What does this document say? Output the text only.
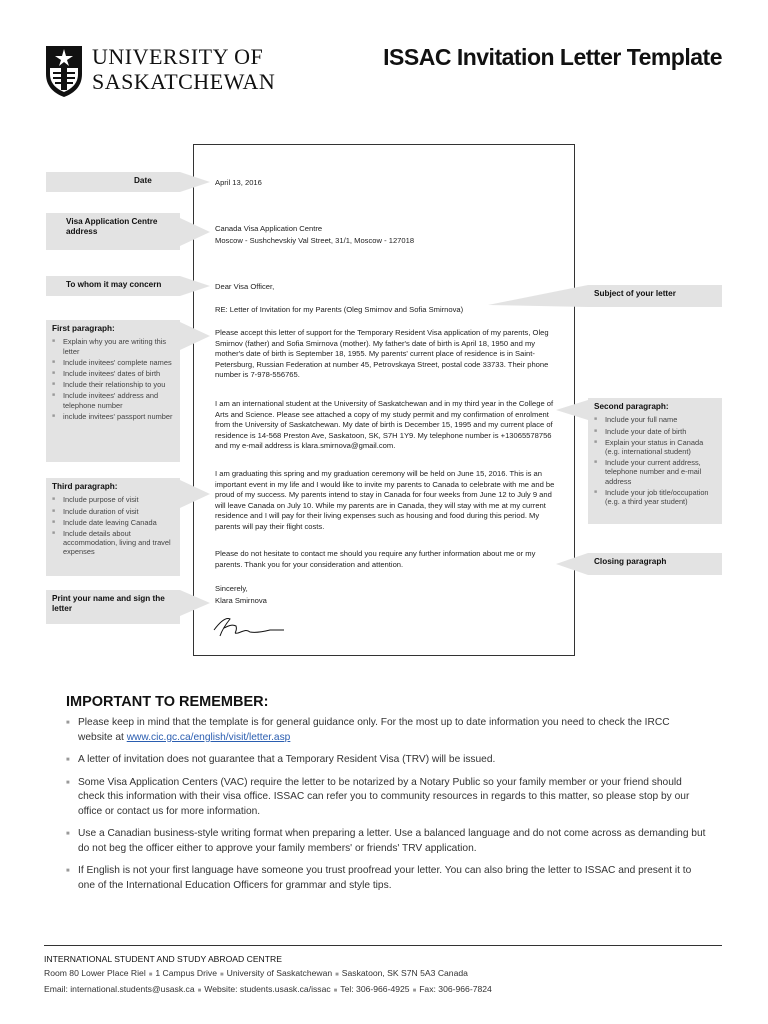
UNIVERSITY OF
SASKATCHEWAN
ISSAC Invitation Letter Template
April 13, 2016
Canada Visa Application Centre
Moscow - Sushchevskiy Val Street, 31/1, Moscow - 127018
Dear Visa Officer,
RE: Letter of Invitation for my Parents (Oleg Smirnov and Sofia Smirnova)
Please accept this letter of support for the Temporary Resident Visa application of my parents, Oleg Smirnov (father) and Sofia Smirnova (mother). My father's date of birth is April 18, 1950 and my mother's date of birth is September 18, 1955. My parents' current place of residence is in Saint-Petersburg, Russian Federation at number 45, Petrovskaya Street, postal code 33733. Their phone number is 7-978-556765.
I am an international student at the University of Saskatchewan and in my third year in the College of Arts and Science. Please see attached a copy of my study permit and my confirmation of enrolment from the University of Saskatchewan. My date of birth is December 15, 1995 and my current place of residence is 14-568 Preston Ave, Saskatoon, SK, S7H 1Y9. My telephone number is +13065578756 and my e-mail address is klara.smirnova@gmail.com.
I am graduating this spring and my graduation ceremony will be held on June 15, 2016. This is an important event in my life and I would like to invite my parents to Canada to celebrate with me and be proud of my success. My parents intend to stay in Canada for four weeks from June 12 to July 9 and will leave Canada on July 10. While my parents are in Canada, they will stay with me at my current residence and I will pay for their living expenses such as housing and food during this period. My parents will pay their flight costs.
Please do not hesitate to contact me should you require any further information about me or my parents. Thank you for your consideration and attention.
Sincerely,
Klara Smirnova
Date
Visa Application Centre address
To whom it may concern
First paragraph:
■ Explain why you are writing this letter
■ Include invitees' complete names
■ Include invitees' dates of birth
■ Include their relationship to you
■ Include invitees' address and telephone number
■ include invitees' passport number
Third paragraph:
■ Include purpose of visit
■ Include duration of visit
■ Include date leaving Canada
■ Include details about accommodation, living and travel expenses
Print your name and sign the letter
Subject of your letter
Second paragraph:
■ Include your full name
■ Include your date of birth
■ Explain your status in Canada (e.g. international student)
■ Include your current address, telephone number and e-mail address
■ Include your job title/occupation (e.g. a third year student)
Closing paragraph
IMPORTANT TO REMEMBER:
■ Please keep in mind that the template is for general guidance only. For the most up to date information you need to check the IRCC website at www.cic.gc.ca/english/visit/letter.asp
■ A letter of invitation does not guarantee that a Temporary Resident Visa (TRV) will be issued.
■ Some Visa Application Centers (VAC) require the letter to be notarized by a Notary Public so your family member or your friend should check this information with their visa office. ISSAC can refer you to community resources in regards to this matter, so please stop by our office or contact us for more information.
■ Use a Canadian business-style writing format when preparing a letter. Use a balanced language and do not come across as demanding but do not beg the officer either to approve your family members' or friends' TRV application.
■ If English is not your first language have someone you trust proofread your letter. You can also bring the letter to ISSAC and present it to one of the International Education Officers for grammar and style tips.
INTERNATIONAL STUDENT AND STUDY ABROAD CENTRE
Room 80 Lower Place Riel ■ 1 Campus Drive ■ University of Saskatchewan ■ Saskatoon, SK S7N 5A3 Canada
Email: international.students@usask.ca ■ Website: students.usask.ca/issac ■ Tel: 306-966-4925 ■ Fax: 306-966-7824
